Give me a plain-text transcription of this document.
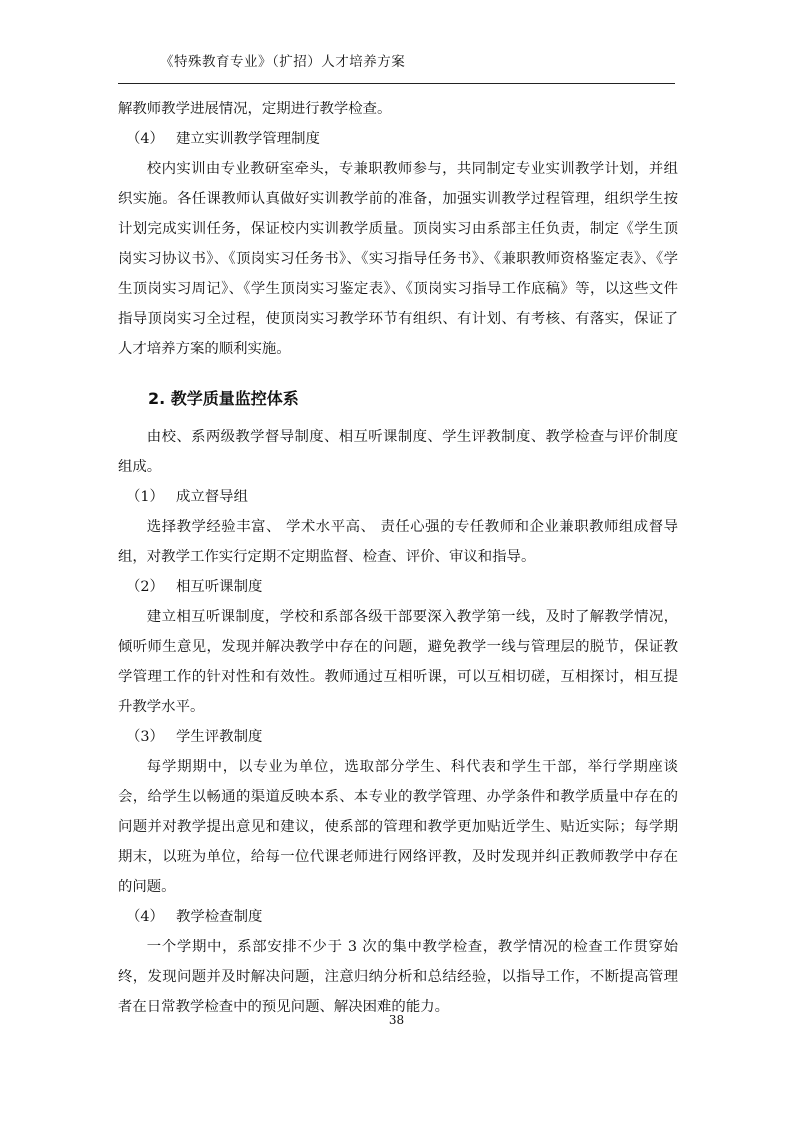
《特殊教育专业》（扩招）人才培养方案

解教师教学进展情况，定期进行教学检查。

（4） 建立实训教学管理制度

校内实训由专业教研室牵头，专兼职教师参与，共同制定专业实训教学计划，并组织实施。各任课教师认真做好实训教学前的准备，加强实训教学过程管理，组织学生按计划完成实训任务，保证校内实训教学质量。顶岗实习由系部主任负责，制定《学生顶岗实习协议书》、《顶岗实习任务书》、《实习指导任务书》、《兼职教师资格鉴定表》、《学生顶岗实习周记》、《学生顶岗实习鉴定表》、《顶岗实习指导工作底稿》等，以这些文件指导顶岗实习全过程，使顶岗实习教学环节有组织、有计划、有考核、有落实，保证了人才培养方案的顺利实施。

2. 教学质量监控体系

由校、系两级教学督导制度、相互听课制度、学生评教制度、教学检查与评价制度组成。

（1） 成立督导组

选择教学经验丰富、 学术水平高、 责任心强的专任教师和企业兼职教师组成督导组，对教学工作实行定期不定期监督、检查、评价、审议和指导。

（2） 相互听课制度

建立相互听课制度，学校和系部各级干部要深入教学第一线，及时了解教学情况，倾听师生意见，发现并解决教学中存在的问题，避免教学一线与管理层的脱节，保证教学管理工作的针对性和有效性。教师通过互相听课，可以互相切磋，互相探讨，相互提升教学水平。

（3） 学生评教制度

每学期期中，以专业为单位，选取部分学生、科代表和学生干部，举行学期座谈会，给学生以畅通的渠道反映本系、本专业的教学管理、办学条件和教学质量中存在的问题并对教学提出意见和建议，使系部的管理和教学更加贴近学生、贴近实际；每学期期末，以班为单位，给每一位代课老师进行网络评教，及时发现并纠正教师教学中存在的问题。

（4） 教学检查制度

一个学期中，系部安排不少于 3 次的集中教学检查，教学情况的检查工作贯穿始终，发现问题并及时解决问题，注意归纳分析和总结经验，以指导工作，不断提高管理者在日常教学检查中的预见问题、解决困难的能力。

38
